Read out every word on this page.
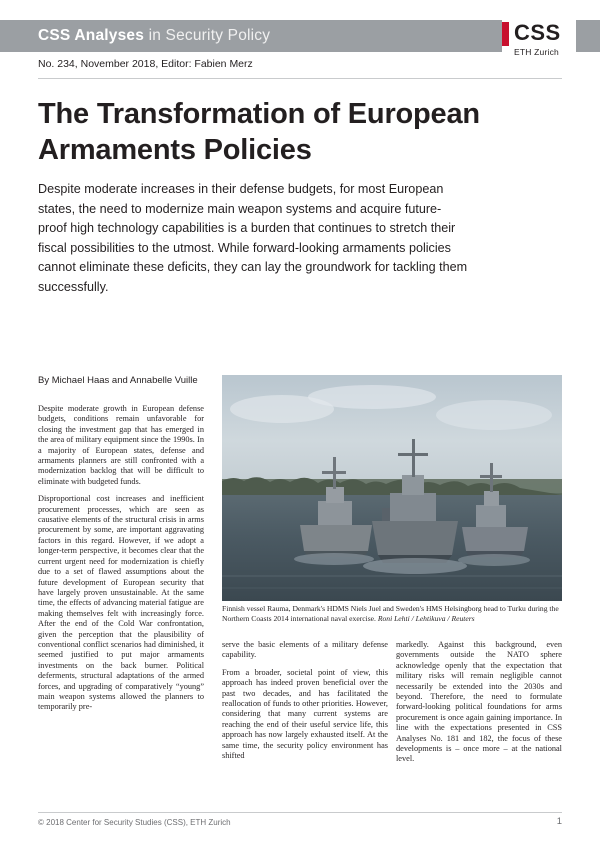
CSS Analyses in Security Policy	CSS
ETH Zurich
No. 234, November 2018, Editor: Fabien Merz
The Transformation of European Armaments Policies
Despite moderate increases in their defense budgets, for most European states, the need to modernize main weapon systems and acquire future-proof high technology capabilities is a burden that continues to stretch their fiscal possibilities to the utmost. While forward-looking armaments policies cannot eliminate these deficits, they can lay the groundwork for tackling them successfully.
By Michael Haas and Annabelle Vuille
Finnish vessel Rauma, Denmark's HDMS Niels Juel and Sweden's HMS Helsingborg head to Turku during the Northern Coasts 2014 international naval exercise. Roni Lehti / Lehtikuva / Reuters

Despite moderate growth in European defense budgets, conditions remain unfavorable for closing the investment gap that has emerged in the area of military equipment since the 1990s. In a majority of European states, defense and armaments planners are still confronted with a modernization backlog that will be difficult to eliminate with budgeted funds.

Disproportional cost increases and inefficient procurement processes, which are seen as causative elements of the structural crisis in arms procurement by some, are important aggravating factors in this regard. However, if we adopt a longer-term perspective, it becomes clear that the current urgent need for modernization is chiefly due to a set of flawed assumptions about the future development of European security that have largely proven unsustainable. At the same time, the effects of advancing material fatigue are making themselves felt with increasingly force. After the end of the Cold War confrontation, given the perception that the plausibility of conventional conflict scenarios had diminished, it seemed justified to put major armaments investments on the back burner. Political deferments, structural adaptations of the armed forces, and upgrading of comparatively “young” main weapon systems allowed the planners to temporarily pre-

serve the basic elements of a military defense capability.

From a broader, societal point of view, this approach has indeed proven beneficial over the past two decades, and has facilitated the reallocation of funds to other priorities. However, considering that many current systems are reaching the end of their useful service life, this approach has now largely exhausted itself. At the same time, the security policy environment has shifted

markedly. Against this background, even governments outside the NATO sphere acknowledge openly that the expectation that military risks will remain negligible cannot necessarily be extended into the 2030s and beyond. Therefore, the need to formulate forward-looking political foundations for arms procurement is once again gaining importance. In line with the expectations presented in CSS Analyses No. 181 and 182, the focus of these developments is – once more – at the national level.

© 2018 Center for Security Studies (CSS), ETH Zurich	1
